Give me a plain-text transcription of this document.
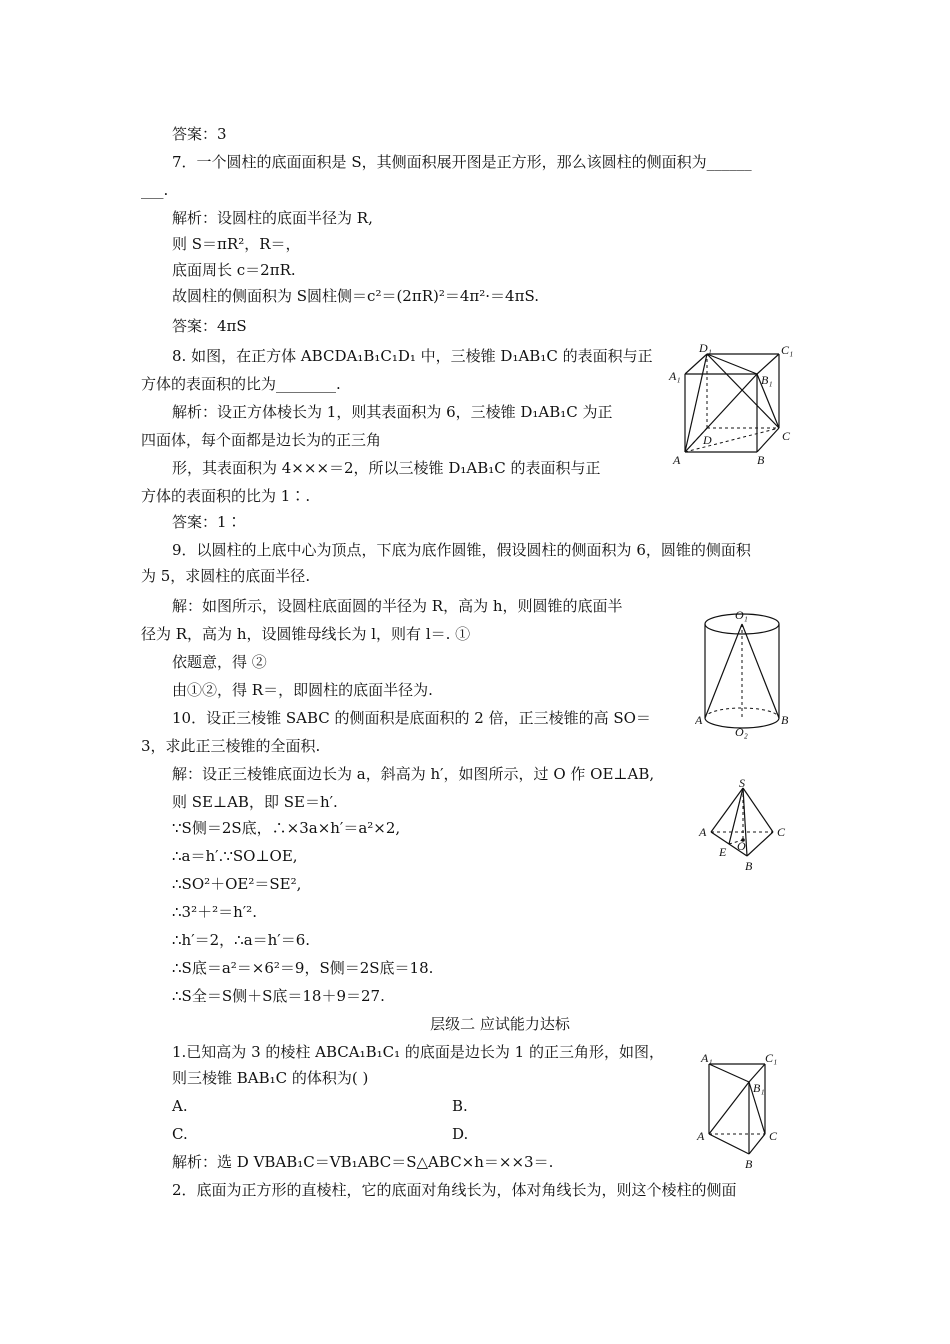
答案：3
7．一个圆柱的底面面积是 S，其侧面积展开图是正方形，那么该圆柱的侧面积为______
___.
解析：设圆柱的底面半径为 R,
则 S＝πR²，R＝，
底面周长 c＝2πR.
故圆柱的侧面积为 S圆柱侧＝c²＝(2πR)²＝4π²·＝4πS.
答案：4πS
8. 如图，在正方体 ABCDA₁B₁C₁D₁ 中，三棱锥 D₁AB₁C 的表面积与正
方体的表面积的比为________.
解析：设正方体棱长为 1，则其表面积为 6，三棱锥 D₁AB₁C 为正
四面体，每个面都是边长为的正三角
形，其表面积为 4×××＝2，所以三棱锥 D₁AB₁C 的表面积与正
方体的表面积的比为 1∶.
答案：1∶
9．以圆柱的上底中心为顶点，下底为底作圆锥，假设圆柱的侧面积为 6，圆锥的侧面积
为 5，求圆柱的底面半径.
解：如图所示，设圆柱底面圆的半径为 R，高为 h，则圆锥的底面半
径为 R，高为 h，设圆锥母线长为 l，则有 l＝. ①
依题意，得 ②
由①②，得 R＝，即圆柱的底面半径为.
10．设正三棱锥 SABC 的侧面积是底面积的 2 倍，正三棱锥的高 SO＝
3，求此正三棱锥的全面积.
解：设正三棱锥底面边长为 a，斜高为 h′，如图所示，过 O 作 OE⊥AB,
则 SE⊥AB，即 SE＝h′.
∵S侧＝2S底，∴×3a×h′＝a²×2,
∴a＝h′.∵SO⊥OE,
∴SO²＋OE²＝SE²,
∴3²＋²＝h′².
∴h′＝2，∴a＝h′＝6.
∴S底＝a²＝×6²＝9，S侧＝2S底＝18.
∴S全＝S侧＋S底＝18＋9＝27.
层级二 应试能力达标
1.已知高为 3 的棱柱 ABCA₁B₁C₁ 的底面是边长为 1 的正三角形，如图，
则三棱锥 BAB₁C 的体积为( )
A.	B.
C.	D.
解析：选 D VBAB₁C＝VB₁ABC＝S△ABC×h＝××3＝.
2．底面为正方形的直棱柱，它的底面对角线长为，体对角线长为，则这个棱柱的侧面
A₁
D₁	C₁
B₁
D	C
A	B
O₁
O₂
A	B
S
A	C
E O
B
A₁	C₁
B₁
A	C
B
